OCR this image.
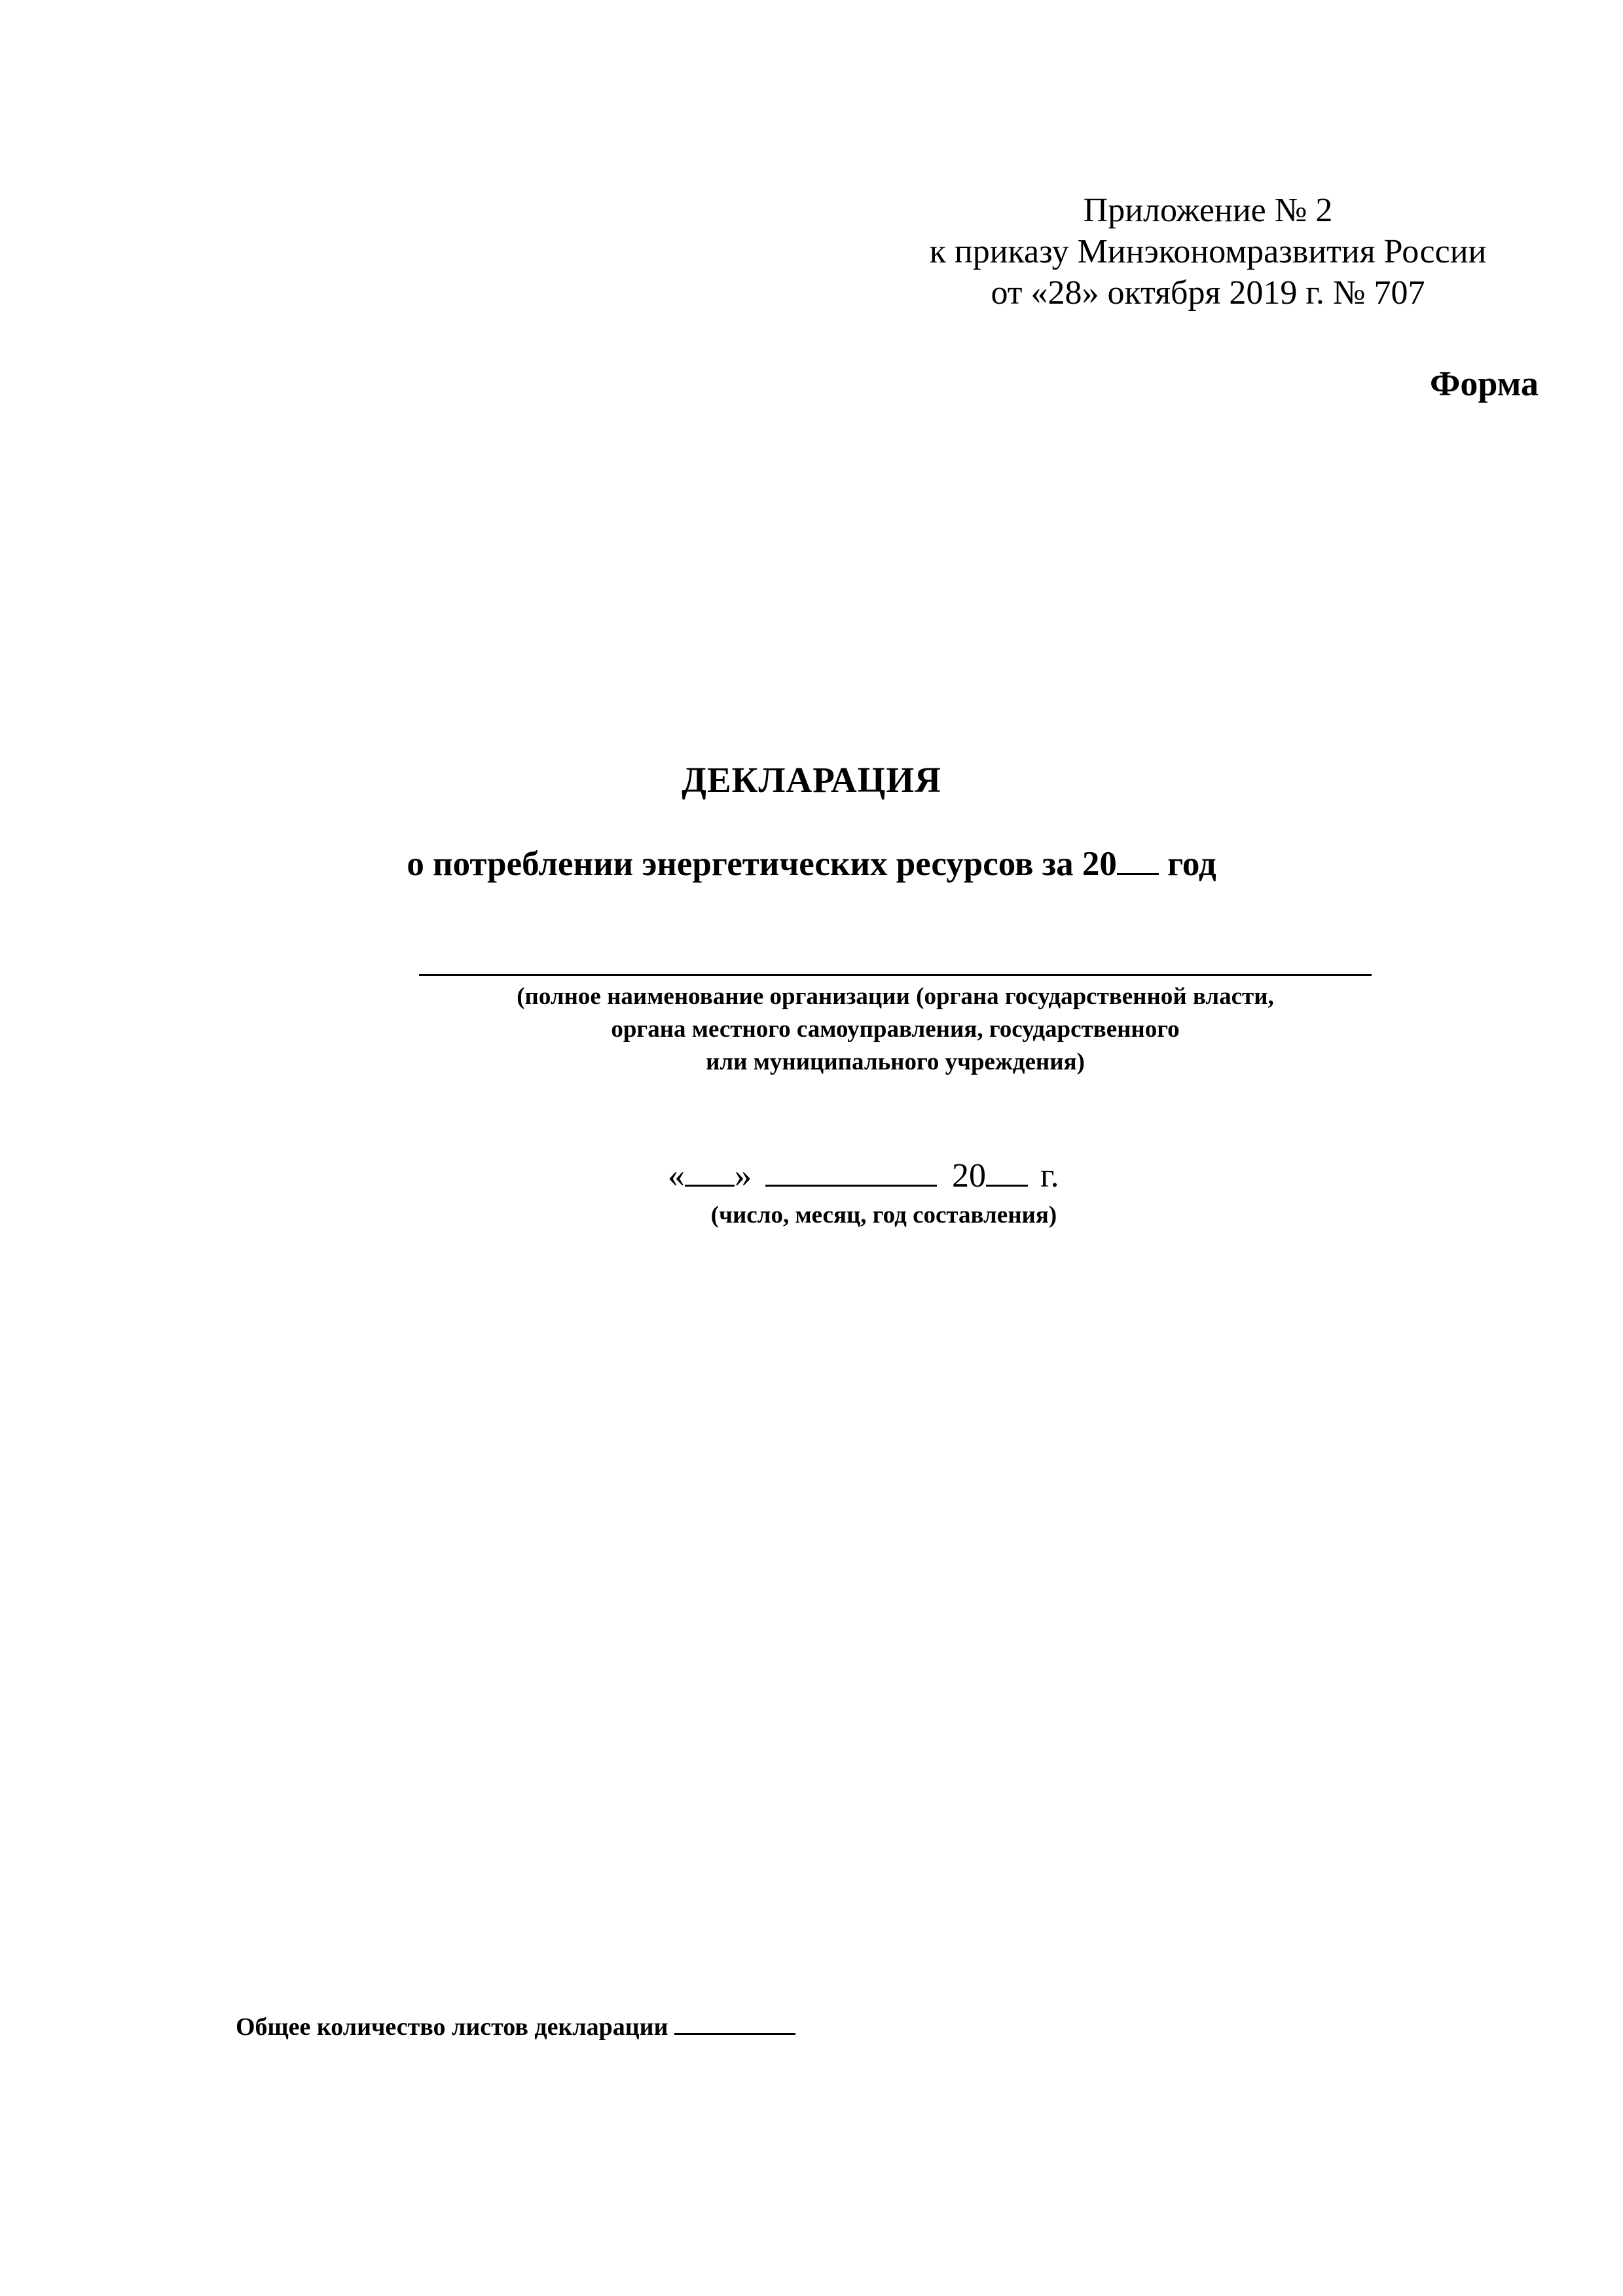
Приложение № 2
к приказу Минэкономразвития России
от «28» октября 2019 г. № 707
Форма
ДЕКЛАРАЦИЯ
о потреблении энергетических ресурсов за 20 год
(полное наименование организации (органа государственной власти,
органа местного самоуправления, государственного
или муниципального учреждения)
« »	20 г.
(число, месяц, год составления)
Общее количество листов декларации
